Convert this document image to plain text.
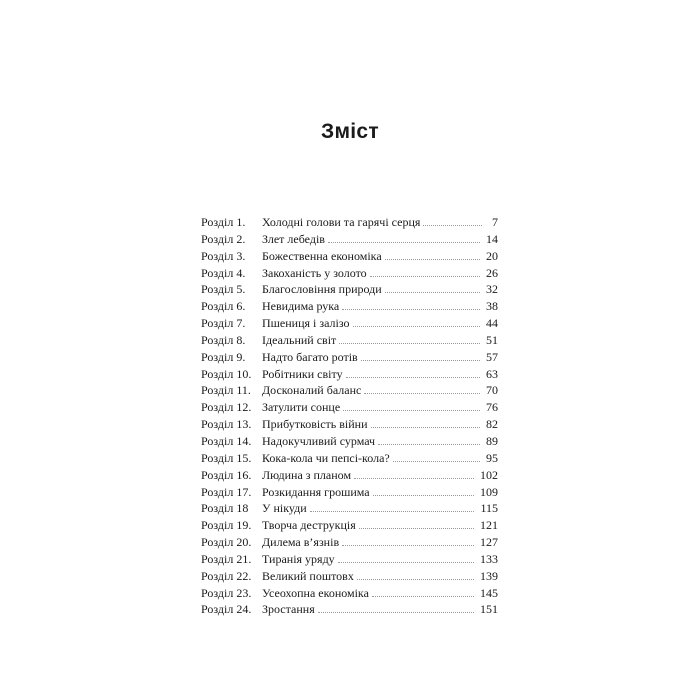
Зміст
Розділ 1.	Холодні голови та гарячі серця	7
Розділ 2.	Злет лебедів	14
Розділ 3.	Божественна економіка	20
Розділ 4.	Закоханість у золото	26
Розділ 5.	Благословіння природи	32
Розділ 6.	Невидима рука	38
Розділ 7.	Пшениця і залізо	44
Розділ 8.	Ідеальний світ	51
Розділ 9.	Надто багато ротів	57
Розділ 10. Робітники світу	63
Розділ 11. Досконалий баланс	70
Розділ 12. Затулити сонце	76
Розділ 13. Прибутковість війни	82
Розділ 14. Надокучливий сурмач	89
Розділ 15. Кока-кола чи пепсі-кола?	95
Розділ 16. Людина з планом	102
Розділ 17. Розкидання грошима	109
Розділ 18	У нікуди	115
Розділ 19. Творча деструкція	121
Розділ 20. Дилема в’язнів	127
Розділ 21. Тиранія уряду	133
Розділ 22. Великий поштовх	139
Розділ 23. Усеохопна економіка	145
Розділ 24. Зростання	151
